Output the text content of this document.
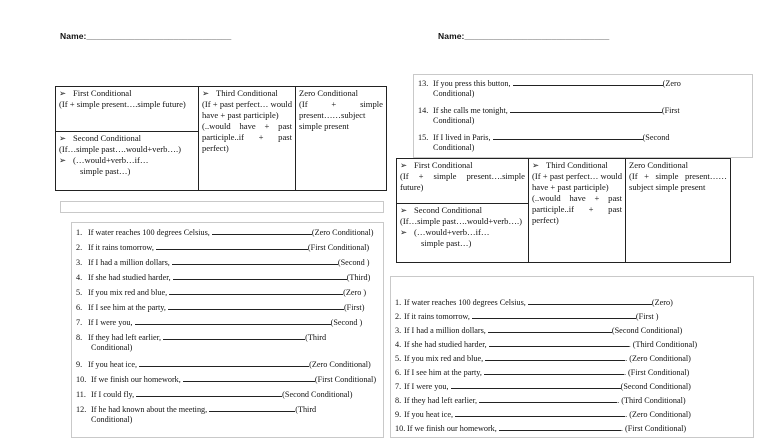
Name:______________________________	Name:______________________________
➢ First Conditional
(If + simple present….simple future)

➢ Third Conditional
(If + past perfect… would have + past participle)
(..would have + past participle..if + past perfect)

Zero Conditional
(If + simple present……subject simple present

➢ Second Conditional
(If…simple past….would+verb….)
➢ (…would+verb…if…
simple past…)
1. If water reaches 100 degrees Celsius,	(Zero Conditional)
2. If it rains tomorrow,	(First Conditional)
3. If I had a million dollars,	(Second )
4. If she had studied harder,	(Third)
5. If you mix red and blue,	(Zero )
6. If I see him at the party,	(First)
7. If I were you,	(Second )
8. If they had left earlier,	(Third
Conditional)
9. If you heat ice,	(Zero Conditional)
10. If we finish our homework,	(First Conditional)
11. If I could fly,	(Second Conditional)
12. If he had known about the meeting,	(Third
Conditional)
13. If you press this button,	(Zero
Conditional)
14. If she calls me tonight,	(First
Conditional)
15. If I lived in Paris,	(Second
Conditional)
➢ First Conditional
(If + simple present….simple future)

➢ Third Conditional
(If + past perfect… would have + past participle)
(..would have + past participle..if + past perfect)

Zero Conditional
(If + simple present……subject simple present

➢ Second Conditional
(If…simple past….would+verb….)
➢ (…would+verb…if…
simple past…)
1. If water reaches 100 degrees Celsius,	(Zero)
2. If it rains tomorrow,	(First )
3. If I had a million dollars,	(Second Conditional)
4. If she had studied harder,	. (Third Conditional)
5. If you mix red and blue,	. (Zero Conditional)
6. If I see him at the party,	. (First Conditional)
7. If I were you,	(Second Conditional)
8. If they had left earlier,	. (Third Conditional)
9. If you heat ice,	. (Zero Conditional)
10. If we finish our homework,	. (First Conditional)
